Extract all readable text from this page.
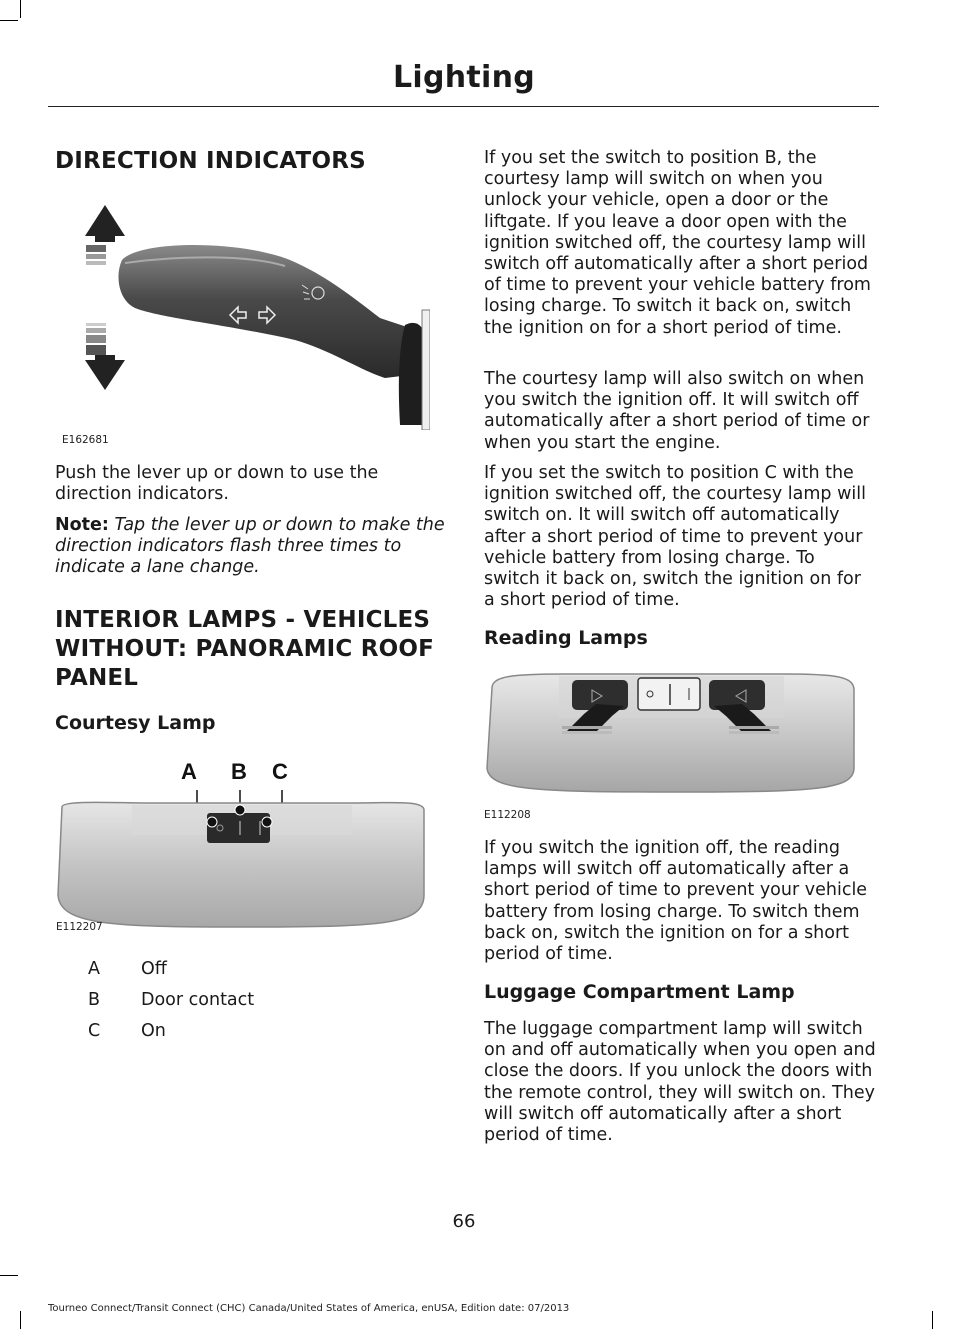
Lighting
DIRECTION INDICATORS
E162681

Push the lever up or down to use the direction indicators.

Note: Tap the lever up or down to make the direction indicators flash three times to indicate a lane change.

INTERIOR LAMPS - VEHICLES
WITHOUT: PANORAMIC ROOF
PANEL
Courtesy Lamp
A B C
E112207
A Off
B Door contact
C On

If you set the switch to position B, the courtesy lamp will switch on when you unlock your vehicle, open a door or the liftgate. If you leave a door open with the ignition switched off, the courtesy lamp will switch off automatically after a short period of time to prevent your vehicle battery from losing charge. To switch it back on, switch the ignition on for a short period of time.

The courtesy lamp will also switch on when you switch the ignition off. It will switch off automatically after a short period of time or when you start the engine.

If you set the switch to position C with the ignition switched off, the courtesy lamp will switch on. It will switch off automatically after a short period of time to prevent your vehicle battery from losing charge. To switch it back on, switch the ignition on for a short period of time.

Reading Lamps
E112208

If you switch the ignition off, the reading lamps will switch off automatically after a short period of time to prevent your vehicle battery from losing charge. To switch them back on, switch the ignition on for a short period of time.

Luggage Compartment Lamp

The luggage compartment lamp will switch on and off automatically when you open and close the doors. If you unlock the doors with the remote control, they will switch on. They will switch off automatically after a short period of time.

66
Tourneo Connect/Transit Connect (CHC) Canada/United States of America, enUSA, Edition date: 07/2013
